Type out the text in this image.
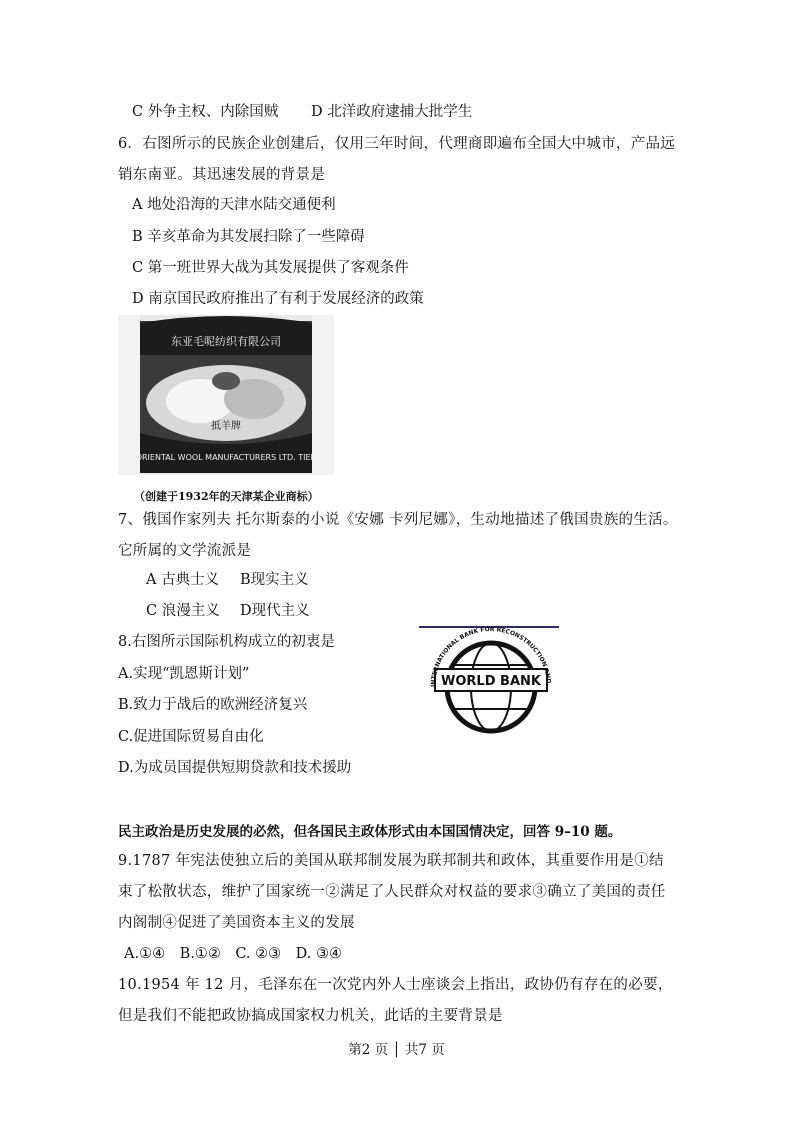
C 外争主权、内除国贼 D 北洋政府逮捕大批学生
6．右图所示的民族企业创建后，仅用三年时间，代理商即遍布全国大中城市，产品远销东南亚。其迅速发展的背景是
A 地处沿海的天津水陆交通便利
B 辛亥革命为其发展扫除了一些障碍
C 第一班世界大战为其发展提供了客观条件
D 南京国民政府推出了有利于发展经济的政策
东亚毛呢纺织有限公司
抵羊牌
THE ORIENTAL WOOL MANUFACTURERS LTD. TIENTSIN
（创建于1932年的天津某企业商标）
7、俄国作家列夫 托尔斯泰的小说《安娜 卡列尼娜》，生动地描述了俄国贵族的生活。它所属的文学流派是
A 古典士义 B现实主义
C 浪漫主义 D现代主义
8.右图所示国际机构成立的初衷是
A.实现“凯恩斯计划”
B.致力于战后的欧洲经济复兴
C.促进国际贸易自由化
D.为成员国提供短期贷款和技术援助
WORLD BANK
INTERNATIONAL BANK FOR RECONSTRUCTION AND
民主政治是历史发展的必然，但各国民主政体形式由本国国情决定，回答 9–10 题。
9.1787 年宪法使独立后的美国从联邦制发展为联邦制共和政体，其重要作用是①结束了松散状态，维护了国家统一②满足了人民群众对权益的要求③确立了美国的责任内阁制④促进了美国资本主义的发展
A.①④　B.①②　C. ②③　D. ③④
10.1954 年 12 月，毛泽东在一次党内外人士座谈会上指出，政协仍有存在的必要，但是我们不能把政协搞成国家权力机关，此话的主要背景是
第2 页 │ 共7 页
